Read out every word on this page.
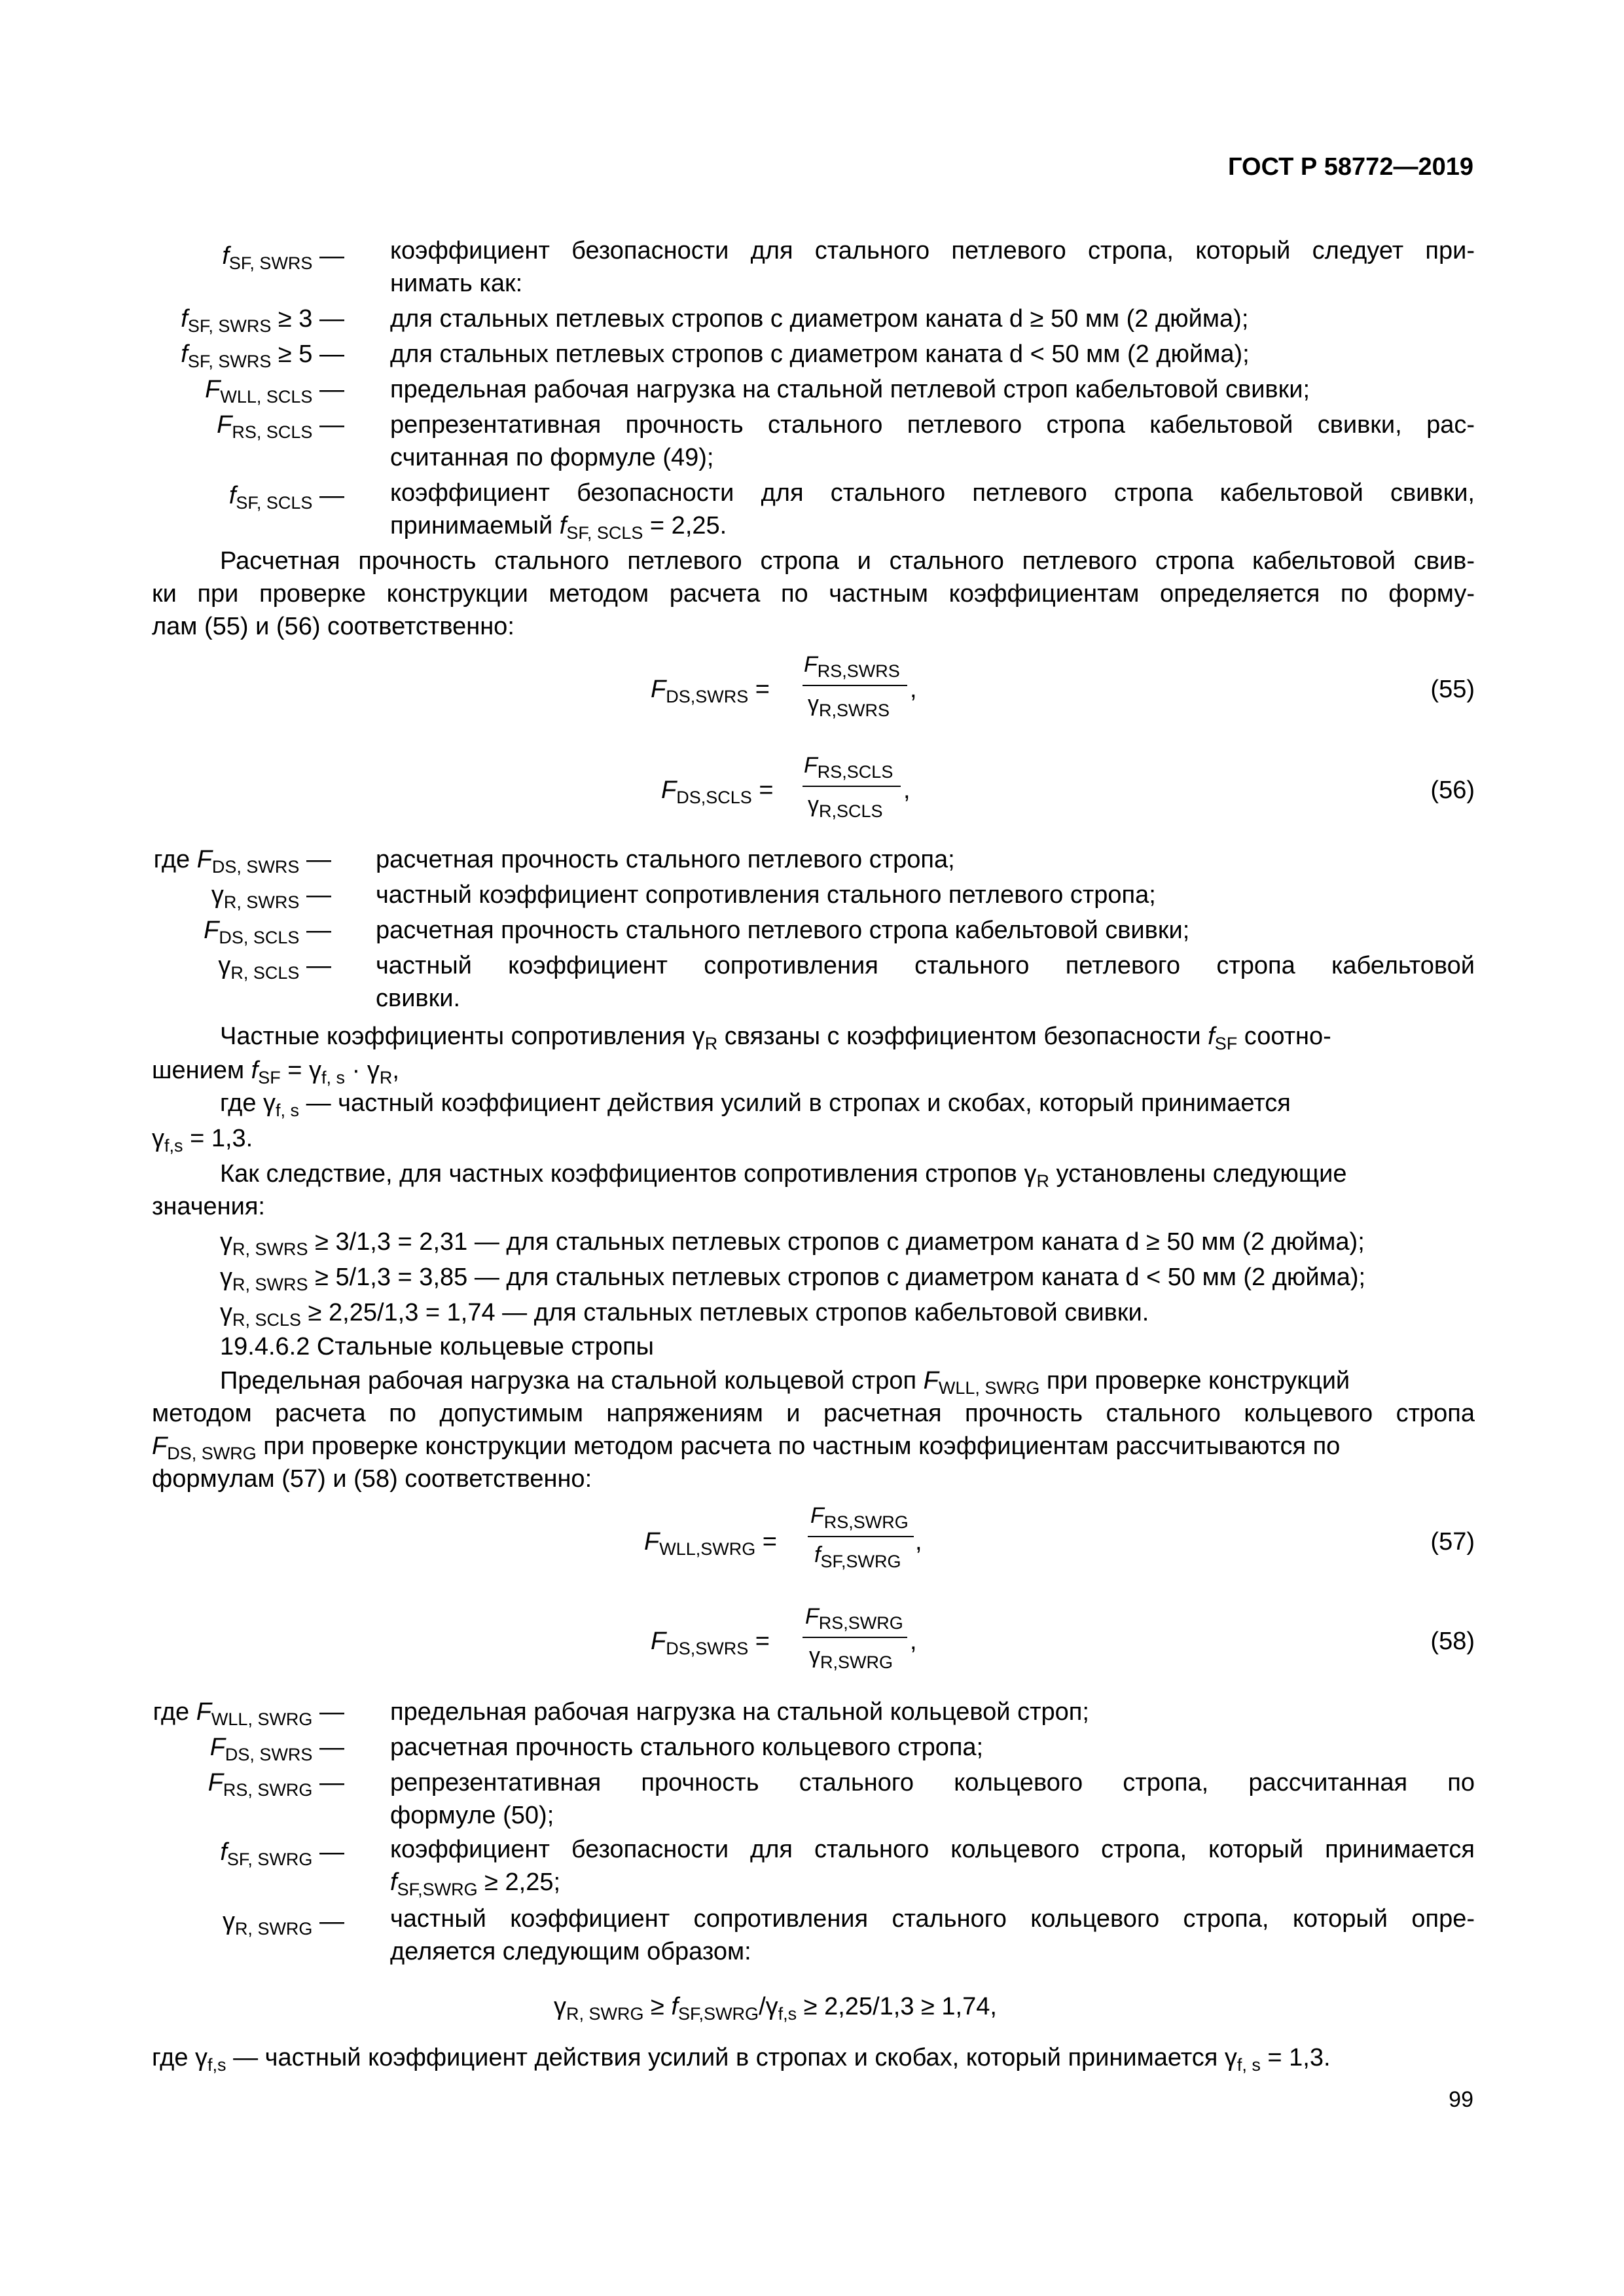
ГОСТ Р 58772—2019
$f_{SF, SWRS}$ — коэффициент безопасности для стального петлевого стропа, который следует при-
нимать как:
$f_{SF, SWRS} \ge 3$ — для стальных петлевых стропов с диаметром каната d ≥ 50 мм (2 дюйма);
$f_{SF, SWRS} \ge 5$ — для стальных петлевых стропов с диаметром каната d < 50 мм (2 дюйма);
$F_{WLL, SCLS}$ — предельная рабочая нагрузка на стальной петлевой строп кабельтовой свивки;
$F_{RS, SCLS}$ — репрезентативная прочность стального петлевого стропа кабельтовой свивки, рас-
считанная по формуле (49);
$f_{SF, SCLS}$ — коэффициент безопасности для стального петлевого стропа кабельтовой свивки,
принимаемый $f_{SF, SCLS} = 2,25$.
Расчетная прочность стального петлевого стропа и стального петлевого стропа кабельтовой свив-
ки при проверке конструкции методом расчета по частным коэффициентам определяется по форму-
лам (55) и (56) соответственно:
$F_{DS,SWRS}$ =
$F_{RS,SWRS}$
$\gamma_{R,SWRS}$
,	(55)
$F_{DS,SCLS}$ =
$F_{RS,SCLS}$
$\gamma_{R,SCLS}$
,	(56)
где $F_{DS, SWRS}$ — расчетная прочность стального петлевого стропа;
$\gamma_{R, SWRS}$ — частный коэффициент сопротивления стального петлевого стропа;
$F_{DS, SCLS}$ — расчетная прочность стального петлевого стропа кабельтовой свивки;
$\gamma_{R, SCLS}$ — частный коэффициент сопротивления стального петлевого стропа кабельтовой
свивки.
Частные коэффициенты сопротивления $\gamma_R$ связаны с коэффициентом безопасности $f_{SF}$ соотно-
шением $f_{SF} = \gamma_{f, s} \cdot \gamma_R$,
где $\gamma_{f, s}$ — частный коэффициент действия усилий в стропах и скобах, который принимается
$\gamma_{f,s} = 1,3$.
Как следствие, для частных коэффициентов сопротивления стропов $\gamma_R$ установлены следующие
значения:
$\gamma_{R, SWRS} \ge 3/1,3 = 2,31$ — для стальных петлевых стропов с диаметром каната d ≥ 50 мм (2 дюйма);
$\gamma_{R, SWRS} \ge 5/1,3 = 3,85$ — для стальных петлевых стропов с диаметром каната d < 50 мм (2 дюйма);
$\gamma_{R, SCLS} \ge 2,25/1,3 = 1,74$ — для стальных петлевых стропов кабельтовой свивки.
19.4.6.2 Стальные кольцевые стропы
Предельная рабочая нагрузка на стальной кольцевой строп $F_{WLL, SWRG}$ при проверке конструкций
методом расчета по допустимым напряжениям и расчетная прочность стального кольцевого стропа
$F_{DS, SWRG}$ при проверке конструкции методом расчета по частным коэффициентам рассчитываются по
формулам (57) и (58) соответственно:
$F_{WLL,SWRG}$ =
$F_{RS,SWRG}$
$f_{SF,SWRG}$
,	(57)
$F_{DS,SWRS}$ =
$F_{RS,SWRG}$
$\gamma_{R,SWRG}$
,	(58)
где $F_{WLL, SWRG}$ — предельная рабочая нагрузка на стальной кольцевой строп;
$F_{DS, SWRS}$ — расчетная прочность стального кольцевого стропа;
$F_{RS, SWRG}$ — репрезентативная прочность стального кольцевого стропа, рассчитанная по
формуле (50);
$f_{SF, SWRG}$ — коэффициент безопасности для стального кольцевого стропа, который принимается
$f_{SF,SWRG} \ge 2,25$;
$\gamma_{R, SWRG}$ — частный коэффициент сопротивления стального кольцевого стропа, который опре-
деляется следующим образом:
$\gamma_{R, SWRG} \ge f_{SF,SWRG}/\gamma_{f,s} \ge 2,25/1,3 \ge 1,74$,
где $\gamma_{f,s}$ — частный коэффициент действия усилий в стропах и скобах, который принимается $\gamma_{f, s} = 1,3$.
99
